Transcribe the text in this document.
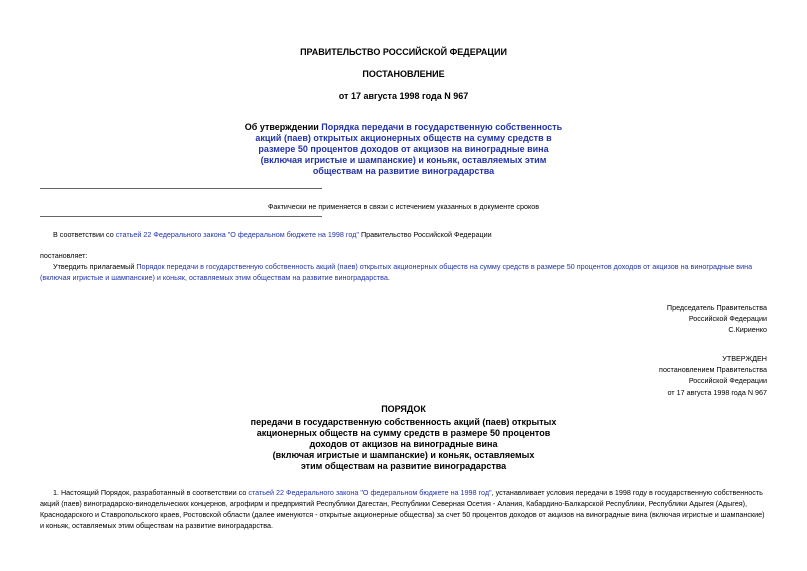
ПРАВИТЕЛЬСТВО РОССИЙСКОЙ ФЕДЕРАЦИИ
ПОСТАНОВЛЕНИЕ
от 17 августа 1998 года N 967
Об утверждении Порядка передачи в государственную собственность
акций (паев) открытых акционерных обществ на сумму средств в
размере 50 процентов доходов от акцизов на виноградные вина
(включая игристые и шампанские) и коньяк, оставляемых этим
обществам на развитие виноградарства
Фактически не применяется в связи с истечением указанных в документе сроков
В соответствии со статьей 22 Федерального закона "О федеральном бюджете на 1998 год" Правительство Российской Федерации
постановляет:
Утвердить прилагаемый Порядок передачи в государственную собственность акций (паев) открытых акционерных обществ на сумму средств в размере 50 процентов доходов от акцизов на виноградные вина
(включая игристые и шампанские) и коньяк, оставляемых этим обществам на развитие виноградарства.
Председатель Правительства
Российской Федерации
С.Кириенко
УТВЕРЖДЕН
постановлением Правительства
Российской Федерации
от 17 августа 1998 года N 967
ПОРЯДОК
передачи в государственную собственность акций (паев) открытых
акционерных обществ на сумму средств в размере 50 процентов
доходов от акцизов на виноградные вина
(включая игристые и шампанские) и коньяк, оставляемых
этим обществам на развитие виноградарства
1. Настоящий Порядок, разработанный в соответствии со статьей 22 Федерального закона "О федеральном бюджете на 1998 год", устанавливает условия передачи в 1998 году в государственную собственность
акций (паев) виноградарско-винодельческих концернов, агрофирм и предприятий Республики Дагестан, Республики Северная Осетия - Алания, Кабардино-Балкарской Республики, Республики Адыгея (Адыгея),
Краснодарского и Ставропольского краев, Ростовской области (далее именуются - открытые акционерные общества) за счет 50 процентов доходов от акцизов на виноградные вина (включая игристые и шампанские)
и коньяк, оставляемых этим обществам на развитие виноградарства.
